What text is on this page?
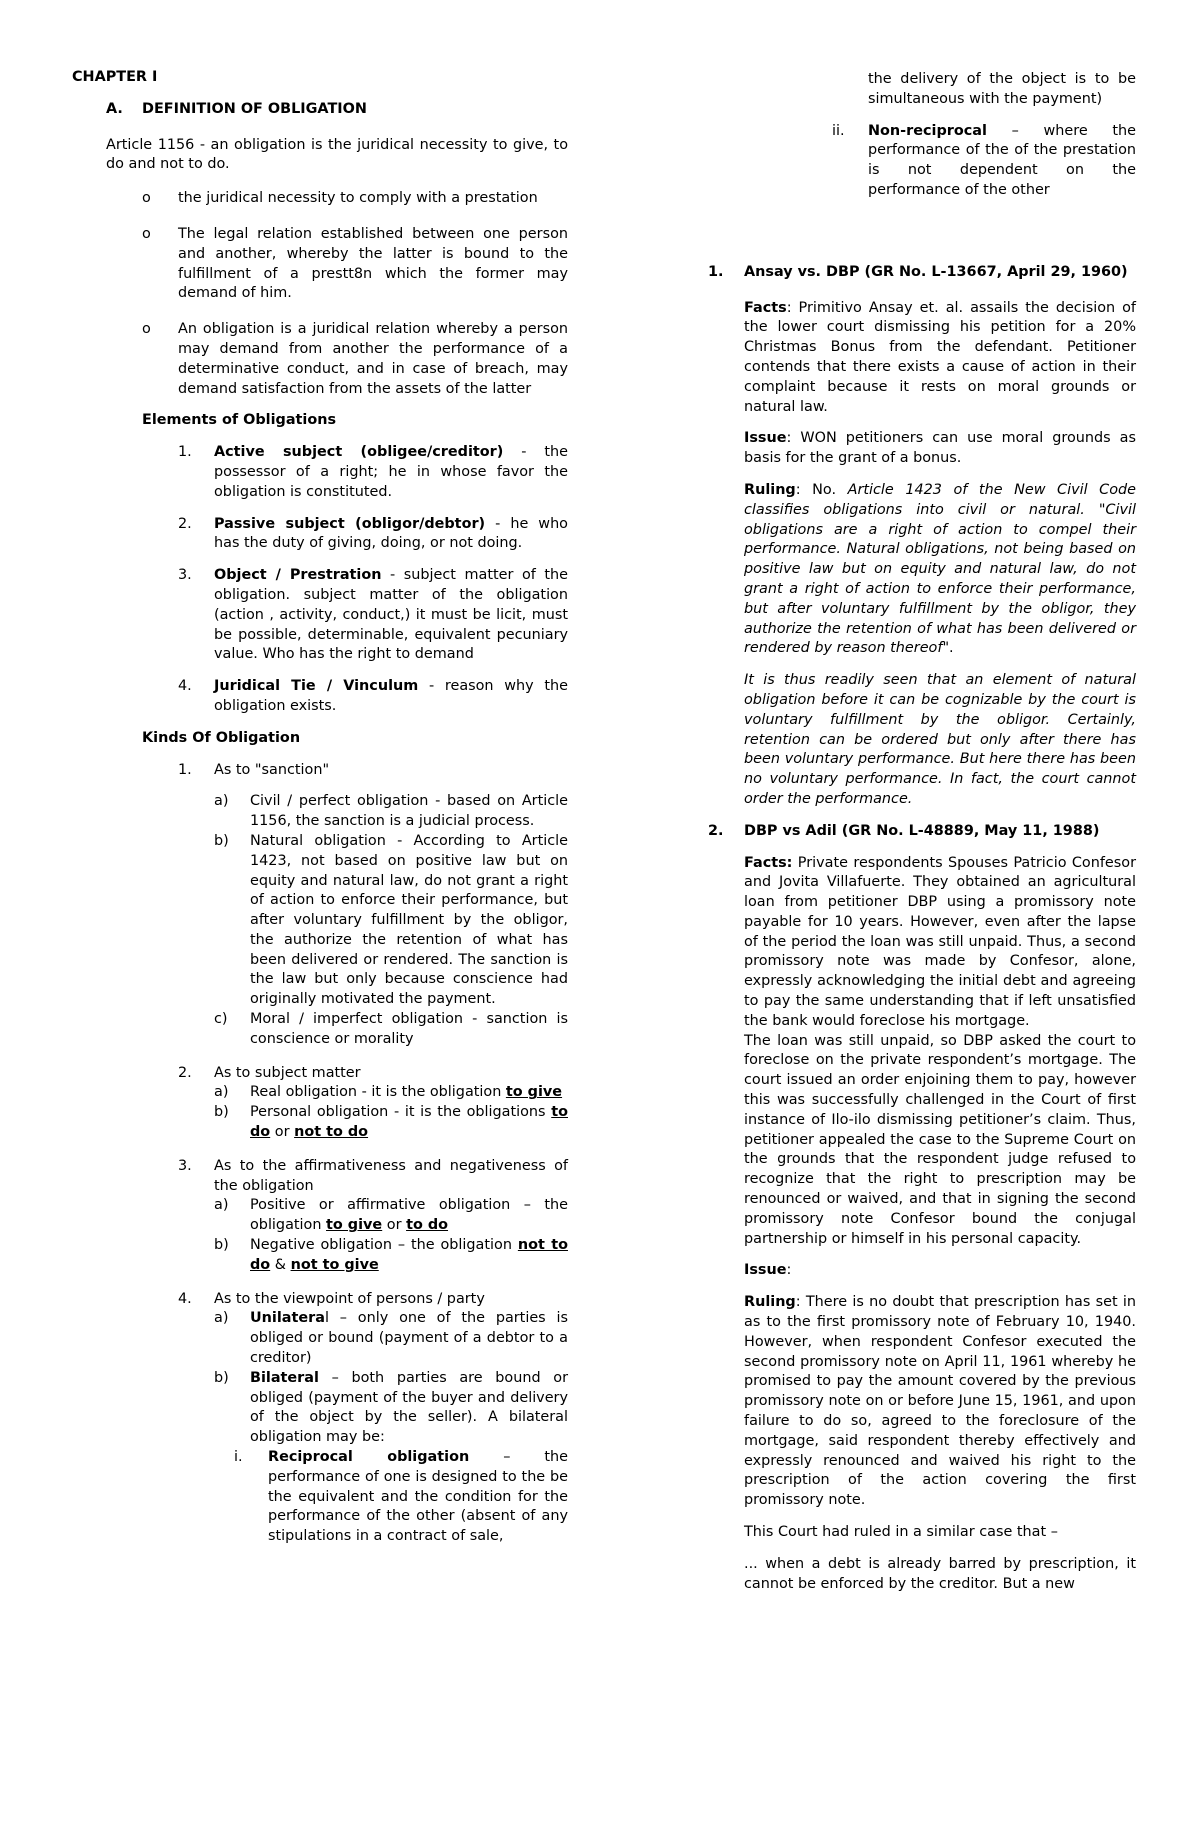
CHAPTER I

A.	DEFINITION OF OBLIGATION

Article 1156 - an obligation is the juridical necessity to give, to do and not to do.

o	the juridical necessity to comply with a prestation
o	The legal relation established between one person and another, whereby the latter is bound to the fulfillment of a prestt8n which the former may demand of him.
o	An obligation is a juridical relation whereby a person may demand from another the performance of a determinative conduct, and in case of breach, may demand satisfaction from the assets of the latter

Elements of Obligations

1.	Active subject (obligee/creditor) - the possessor of a right; he in whose favor the obligation is constituted.
2.	Passive subject (obligor/debtor) - he who has the duty of giving, doing, or not doing.
3.	Object / Prestration - subject matter of the obligation. subject matter of the obligation (action , activity, conduct,) it must be licit, must be possible, determinable, equivalent pecuniary value. Who has the right to demand
4.	Juridical Tie / Vinculum - reason why the obligation exists.

Kinds Of Obligation

1.	As to "sanction"
a)	Civil / perfect obligation - based on Article 1156, the sanction is a judicial process.
b)	Natural obligation - According to Article 1423, not based on positive law but on equity and natural law, do not grant a right of action to enforce their performance, but after voluntary fulfillment by the obligor, the authorize the retention of what has been delivered or rendered. The sanction is the law but only because conscience had originally motivated the payment.
c)	Moral / imperfect obligation - sanction is conscience or morality
2.	As to subject matter
a)	Real obligation - it is the obligation to give
b)	Personal obligation - it is the obligations to do or not to do
3.	As to the affirmativeness and negativeness of the obligation
a)	Positive or affirmative obligation – the obligation to give or to do
b)	Negative obligation – the obligation not to do & not to give
4.	As to the viewpoint of persons / party
a)	Unilateral – only one of the parties is obliged or bound (payment of a debtor to a creditor)
b)	Bilateral – both parties are bound or obliged (payment of the buyer and delivery of the object by the seller). A bilateral obligation may be:
i.	Reciprocal obligation – the performance of one is designed to the be the equivalent and the condition for the performance of the other (absent of any stipulations in a contract of sale,

the delivery of the object is to be simultaneous with the payment)

ii.	Non-reciprocal – where the performance of the of the prestation is not dependent on the performance of the other
1.	Ansay vs. DBP (GR No. L-13667, April 29, 1960)

Facts: Primitivo Ansay et. al. assails the decision of the lower court dismissing his petition for a 20% Christmas Bonus from the defendant. Petitioner contends that there exists a cause of action in their complaint because it rests on moral grounds or natural law.

Issue: WON petitioners can use moral grounds as basis for the grant of a bonus.

Ruling: No. Article 1423 of the New Civil Code classifies obligations into civil or natural. "Civil obligations are a right of action to compel their performance. Natural obligations, not being based on positive law but on equity and natural law, do not grant a right of action to enforce their performance, but after voluntary fulfillment by the obligor, they authorize the retention of what has been delivered or rendered by reason thereof".

It is thus readily seen that an element of natural obligation before it can be cognizable by the court is voluntary fulfillment by the obligor. Certainly, retention can be ordered but only after there has been voluntary performance. But here there has been no voluntary performance. In fact, the court cannot order the performance.

2.	DBP vs Adil (GR No. L-48889, May 11, 1988)

Facts: Private respondents Spouses Patricio Confesor and Jovita Villafuerte. They obtained an agricultural loan from petitioner DBP using a promissory note payable for 10 years. However, even after the lapse of the period the loan was still unpaid. Thus, a second promissory note was made by Confesor, alone, expressly acknowledging the initial debt and agreeing to pay the same understanding that if left unsatisfied the bank would foreclose his mortgage.

The loan was still unpaid, so DBP asked the court to foreclose on the private respondent’s mortgage. The court issued an order enjoining them to pay, however this was successfully challenged in the Court of first instance of Ilo-ilo dismissing petitioner’s claim. Thus, petitioner appealed the case to the Supreme Court on the grounds that the respondent judge refused to recognize that the right to prescription may be renounced or waived, and that in signing the second promissory note Confesor bound the conjugal partnership or himself in his personal capacity.

Issue:

Ruling: There is no doubt that prescription has set in as to the first promissory note of February 10, 1940. However, when respondent Confesor executed the second promissory note on April 11, 1961 whereby he promised to pay the amount covered by the previous promissory note on or before June 15, 1961, and upon failure to do so, agreed to the foreclosure of the mortgage, said respondent thereby effectively and expressly renounced and waived his right to the prescription of the action covering the first promissory note.

This Court had ruled in a similar case that –

... when a debt is already barred by prescription, it cannot be enforced by the creditor. But a new
